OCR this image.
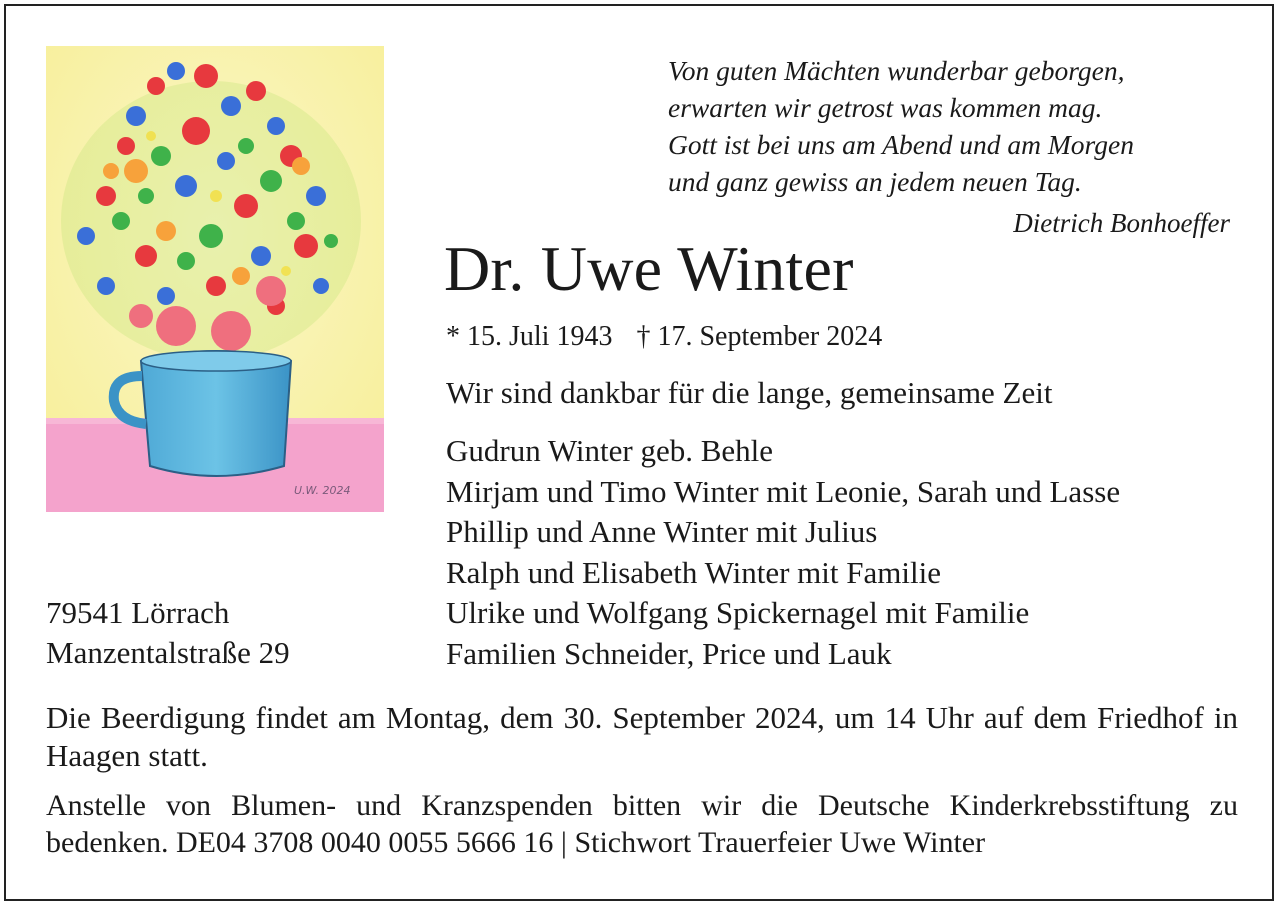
U.W. 2024
Von guten Mächten wunderbar geborgen,
erwarten wir getrost was kommen mag.
Gott ist bei uns am Abend und am Morgen
und ganz gewiss an jedem neuen Tag.
Dietrich Bonhoeffer
Dr. Uwe Winter
* 15. Juli 1943 † 17. September 2024
Wir sind dankbar für die lange, gemeinsame Zeit
Gudrun Winter geb. Behle
Mirjam und Timo Winter mit Leonie, Sarah und Lasse
Phillip und Anne Winter mit Julius
Ralph und Elisabeth Winter mit Familie
Ulrike und Wolfgang Spickernagel mit Familie
Familien Schneider, Price und Lauk
79541 Lörrach
Manzentalstraße 29
Die Beerdigung findet am Montag, dem 30. September 2024, um 14 Uhr auf dem Friedhof in Haagen statt.
Anstelle von Blumen- und Kranzspenden bitten wir die Deutsche Kinderkrebsstiftung zu bedenken. DE04 3708 0040 0055 5666 16 | Stichwort Trauerfeier Uwe Winter
